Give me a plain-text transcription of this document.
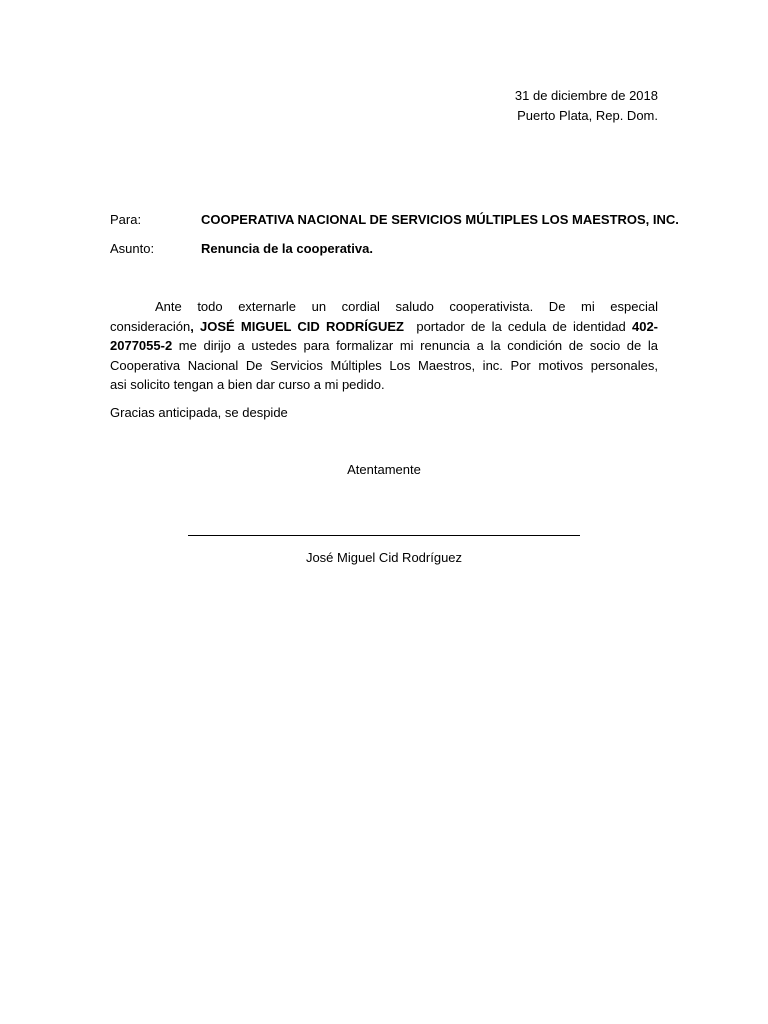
31 de diciembre de 2018
Puerto Plata, Rep. Dom.
Para:	COOPERATIVA NACIONAL DE SERVICIOS MÚLTIPLES LOS MAESTROS, INC.
Asunto:	Renuncia de la cooperativa.
Ante todo externarle un cordial saludo cooperativista. De mi especial
consideración, JOSÉ MIGUEL CID RODRÍGUEZ  portador de la cedula de identidad 402-
2077055-2 me dirijo a ustedes para formalizar mi renuncia a la condición de socio de la
Cooperativa Nacional De Servicios Múltiples Los Maestros, inc. Por motivos personales,
asi solicito tengan a bien dar curso a mi pedido.
Gracias anticipada, se despide
Atentamente
José Miguel Cid Rodríguez
